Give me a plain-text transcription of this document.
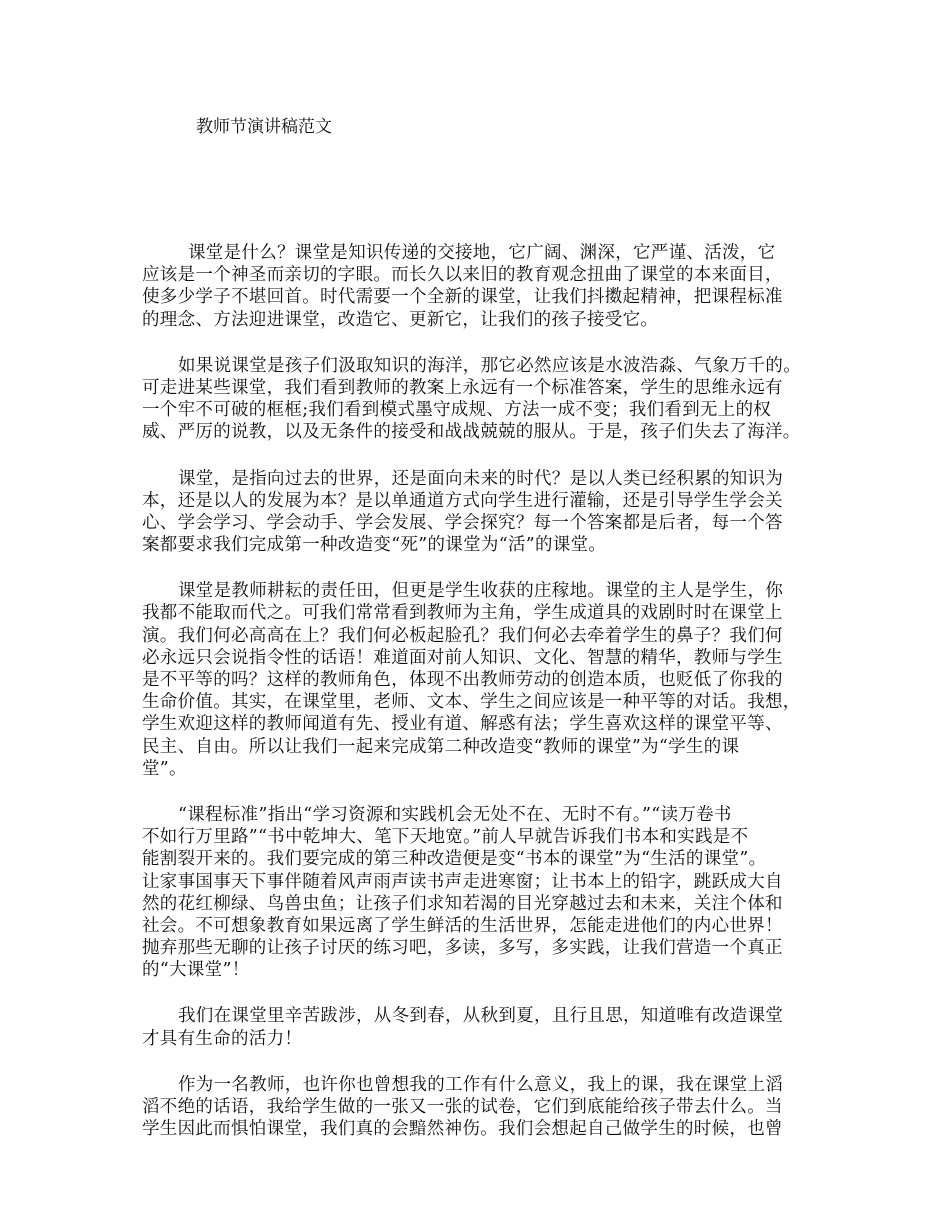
教师节演讲稿范文

课堂是什么？课堂是知识传递的交接地，它广阔、渊深，它严谨、活泼，它
应该是一个神圣而亲切的字眼。而长久以来旧的教育观念扭曲了课堂的本来面目，
使多少学子不堪回首。时代需要一个全新的课堂，让我们抖擞起精神，把课程标准
的理念、方法迎进课堂，改造它、更新它，让我们的孩子接受它。

如果说课堂是孩子们汲取知识的海洋，那它必然应该是水波浩淼、气象万千的。
可走进某些课堂，我们看到教师的教案上永远有一个标准答案，学生的思维永远有
一个牢不可破的框框;我们看到模式墨守成规、方法一成不变；我们看到无上的权
威、严厉的说教，以及无条件的接受和战战兢兢的服从。于是，孩子们失去了海洋。

课堂，是指向过去的世界，还是面向未来的时代？是以人类已经积累的知识为
本，还是以人的发展为本？是以单通道方式向学生进行灌输，还是引导学生学会关
心、学会学习、学会动手、学会发展、学会探究？每一个答案都是后者，每一个答
案都要求我们完成第一种改造变“死”的课堂为“活”的课堂。

课堂是教师耕耘的责任田，但更是学生收获的庄稼地。课堂的主人是学生，你
我都不能取而代之。可我们常常看到教师为主角，学生成道具的戏剧时时在课堂上
演。我们何必高高在上？我们何必板起脸孔？我们何必去牵着学生的鼻子？我们何
必永远只会说指令性的话语！难道面对前人知识、文化、智慧的精华，教师与学生
是不平等的吗？这样的教师角色，体现不出教师劳动的创造本质，也贬低了你我的
生命价值。其实，在课堂里，老师、文本、学生之间应该是一种平等的对话。我想，
学生欢迎这样的教师闻道有先、授业有道、解惑有法；学生喜欢这样的课堂平等、
民主、自由。所以让我们一起来完成第二种改造变“教师的课堂”为“学生的课
堂”。

“课程标准”指出“学习资源和实践机会无处不在、无时不有。”“读万卷书
不如行万里路”“书中乾坤大、笔下天地宽。”前人早就告诉我们书本和实践是不
能割裂开来的。我们要完成的第三种改造便是变“书本的课堂”为“生活的课堂”。
让家事国事天下事伴随着风声雨声读书声走进寒窗；让书本上的铅字，跳跃成大自
然的花红柳绿、鸟兽虫鱼；让孩子们求知若渴的目光穿越过去和未来，关注个体和
社会。不可想象教育如果远离了学生鲜活的生活世界，怎能走进他们的内心世界！
抛弃那些无聊的让孩子讨厌的练习吧，多读，多写，多实践，让我们营造一个真正
的“大课堂”！

我们在课堂里辛苦跋涉，从冬到春，从秋到夏，且行且思，知道唯有改造课堂
才具有生命的活力！

作为一名教师，也许你也曾想我的工作有什么意义，我上的课，我在课堂上滔
滔不绝的话语，我给学生做的一张又一张的试卷，它们到底能给孩子带去什么。当
学生因此而惧怕课堂，我们真的会黯然神伤。我们会想起自己做学生的时候，也曾
